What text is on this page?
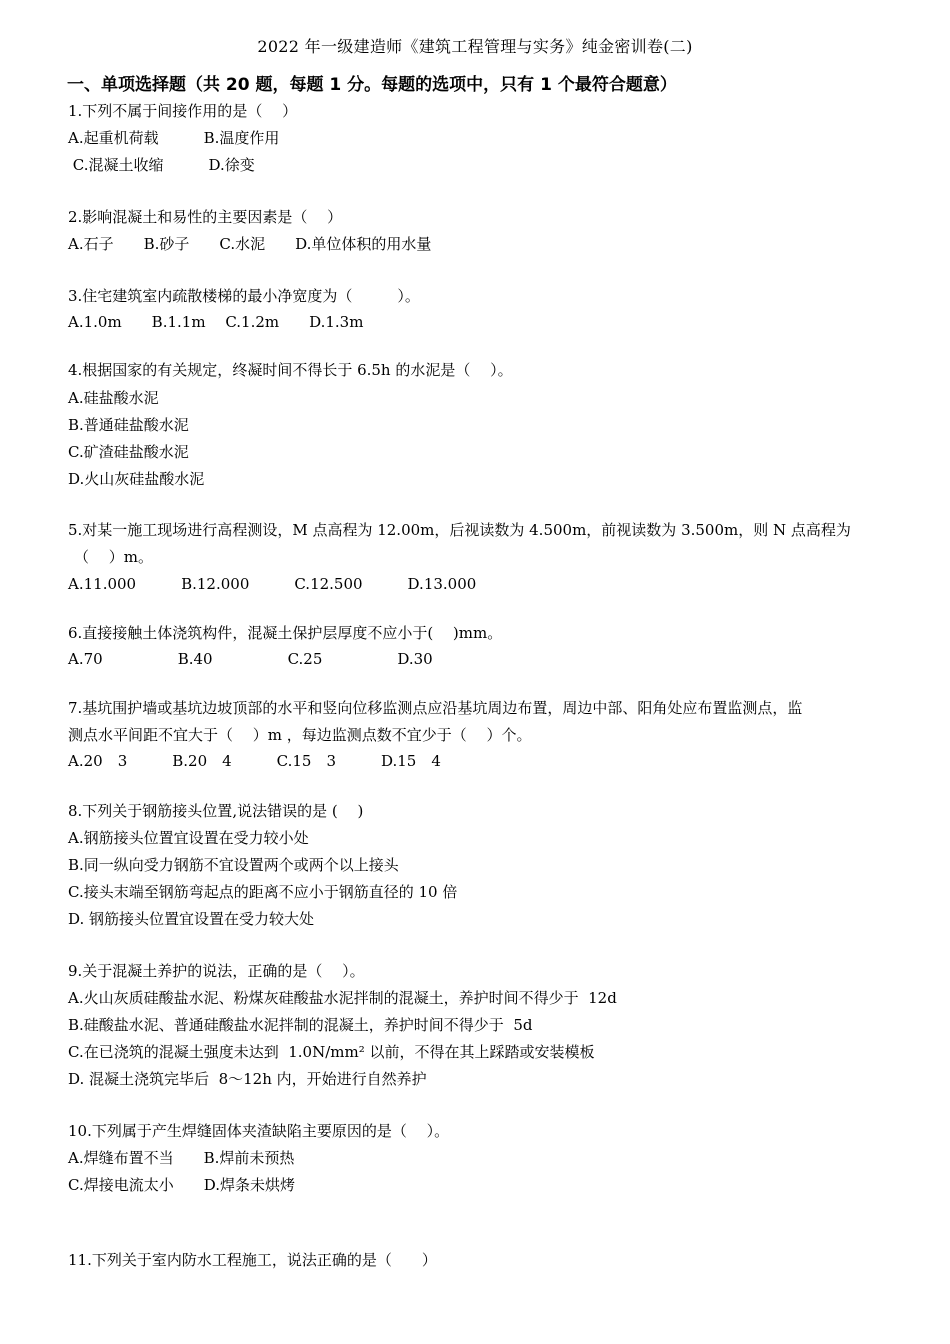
2022 年一级建造师《建筑工程管理与实务》纯金密训卷(二)
一、单项选择题（共 20 题，每题 1 分。每题的选项中，只有 1 个最符合题意）
1.下列不属于间接作用的是（　 ）
A.起重机荷载　　　B.温度作用
C.混凝土收缩　　　D.徐变
2.影响混凝土和易性的主要因素是（　 ）
A.石子　　B.砂子　　C.水泥　　D.单位体积的用水量
3.住宅建筑室内疏散楼梯的最小净宽度为（　　　）。
A.1.0m　　B.1.1m　 C.1.2m　　D.1.3m
4.根据国家的有关规定，终凝时间不得长于 6.5h 的水泥是（　 ）。
A.硅盐酸水泥
B.普通硅盐酸水泥
C.矿渣硅盐酸水泥
D.火山灰硅盐酸水泥
5.对某一施工现场进行高程测设，M 点高程为 12.00m，后视读数为 4.500m，前视读数为 3.500m，则 N 点高程为
（　 ）m。
A.11.000　　　B.12.000　　　C.12.500　　　D.13.000
6.直接接触土体浇筑构件，混凝土保护层厚度不应小于(　 )mm。
A.70　　　　　B.40　　　　　C.25　　　　　D.30
7.基坑围护墙或基坑边坡顶部的水平和竖向位移监测点应沿基坑周边布置，周边中部、阳角处应布置监测点，监
测点水平间距不宜大于（　 ）m ，每边监测点数不宜少于（　 ）个。
A.20　3　　　B.20　4　　　C.15　3　　　D.15　4
8.下列关于钢筋接头位置,说法错误的是 (　 )
A.钢筋接头位置宜设置在受力较小处
B.同一纵向受力钢筋不宜设置两个或两个以上接头
C.接头末端至钢筋弯起点的距离不应小于钢筋直径的 10 倍
D. 钢筋接头位置宜设置在受力较大处
9.关于混凝土养护的说法，正确的是（　 ）。
A.火山灰质硅酸盐水泥、粉煤灰硅酸盐水泥拌制的混凝土，养护时间不得少于  12d
B.硅酸盐水泥、普通硅酸盐水泥拌制的混凝土，养护时间不得少于  5d
C.在已浇筑的混凝土强度未达到  1.0N/mm² 以前，不得在其上踩踏或安装模板
D. 混凝土浇筑完毕后  8～12h 内，开始进行自然养护
10.下列属于产生焊缝固体夹渣缺陷主要原因的是（　 ）。
A.焊缝布置不当　　B.焊前未预热
C.焊接电流太小　　D.焊条未烘烤
11.下列关于室内防水工程施工，说法正确的是（　　）
